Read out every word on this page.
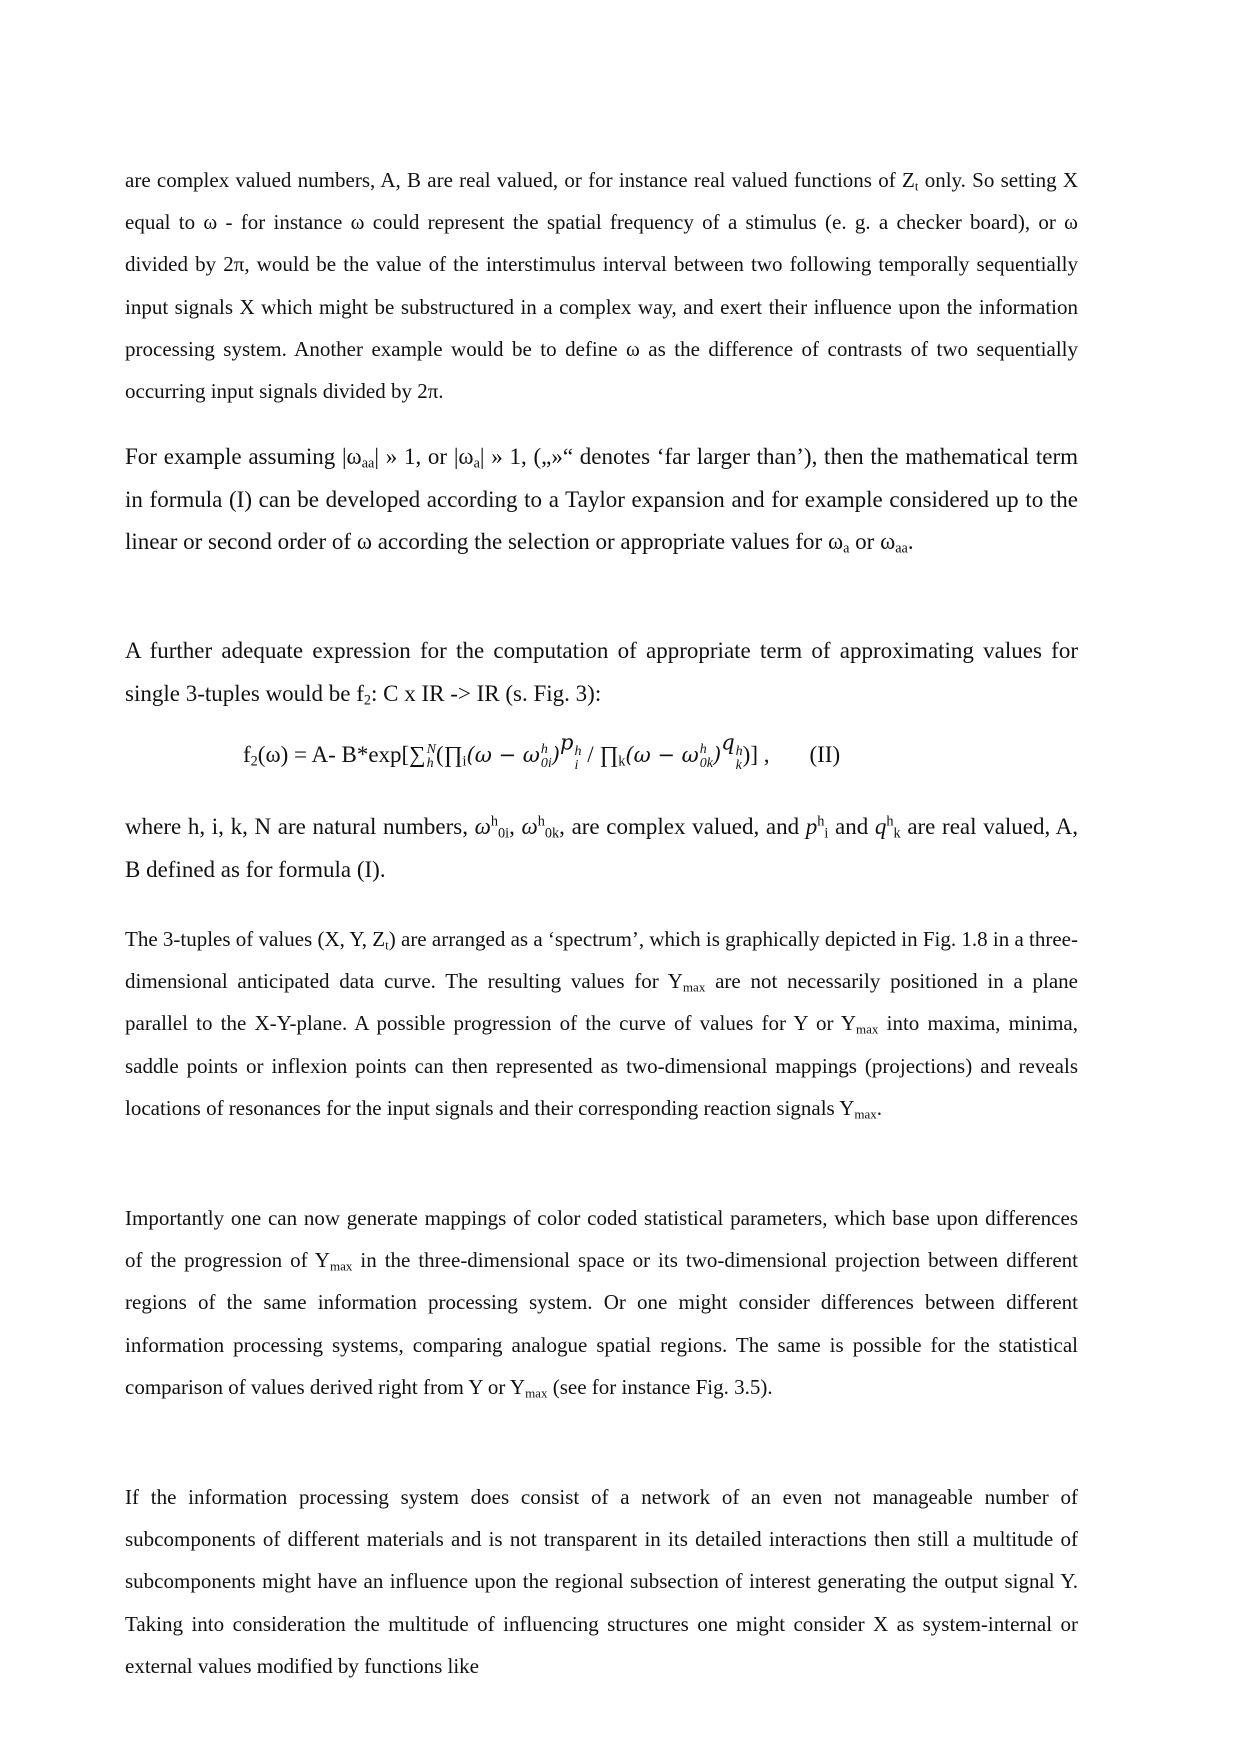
are complex valued numbers, A, B are real valued, or for instance real valued functions of $Z_t$ only. So setting X equal to ω - for instance ω could represent the spatial frequency of a stimulus (e. g. a checker board), or ω divided by 2π, would be the value of the interstimulus interval between two following temporally sequentially input signals X which might be substructured in a complex way, and exert their influence upon the information processing system. Another example would be to define ω as the difference of contrasts of two sequentially occurring input signals divided by 2π.

For example assuming $|\omega_{aa}|$ » 1, or $|\omega_a|$ » 1, („»“ denotes ‘far larger than’), then the mathematical term in formula (I) can be developed according to a Taylor expansion and for example considered up to the linear or second order of ω according the selection or appropriate values for $\omega_a$ or $\omega_{aa}$.

A further adequate expression for the computation of appropriate term of approximating values for single 3-tuples would be $f_2$: C x IR -> IR (s. Fig. 3):

$f_2(\omega) = A-$ B*exp[∑ N
h ($\prod_i(\omega - \omega$ h
0i )$^p$ h
$i / \prod_k(\omega - \omega$ h
0k )$^q$ h
k )] , (II)

where h, i, k, N are natural numbers, $\omega^h_{0i}$, $\omega^h_{0k}$, are complex valued, and $p^h_i$ and $q^h_k$ are real valued, A, B defined as for formula (I).

The 3-tuples of values (X, Y, $Z_t$) are arranged as a ‘spectrum’, which is graphically depicted in Fig. 1.8 in a three-dimensional anticipated data curve. The resulting values for $Y_{max}$ are not necessarily positioned in a plane parallel to the X-Y-plane. A possible progression of the curve of values for Y or $Y_{max}$ into maxima, minima, saddle points or inflexion points can then represented as two-dimensional mappings (projections) and reveals locations of resonances for the input signals and their corresponding reaction signals $Y_{max}$.

Importantly one can now generate mappings of color coded statistical parameters, which base upon differences of the progression of $Y_{max}$ in the three-dimensional space or its two-dimensional projection between different regions of the same information processing system. Or one might consider differences between different information processing systems, comparing analogue spatial regions. The same is possible for the statistical comparison of values derived right from Y or $Y_{max}$ (see for instance Fig. 3.5).

If the information processing system does consist of a network of an even not manageable number of subcomponents of different materials and is not transparent in its detailed interactions then still a multitude of subcomponents might have an influence upon the regional subsection of interest generating the output signal Y. Taking into consideration the multitude of influencing structures one might consider X as system-internal or external values modified by functions like
